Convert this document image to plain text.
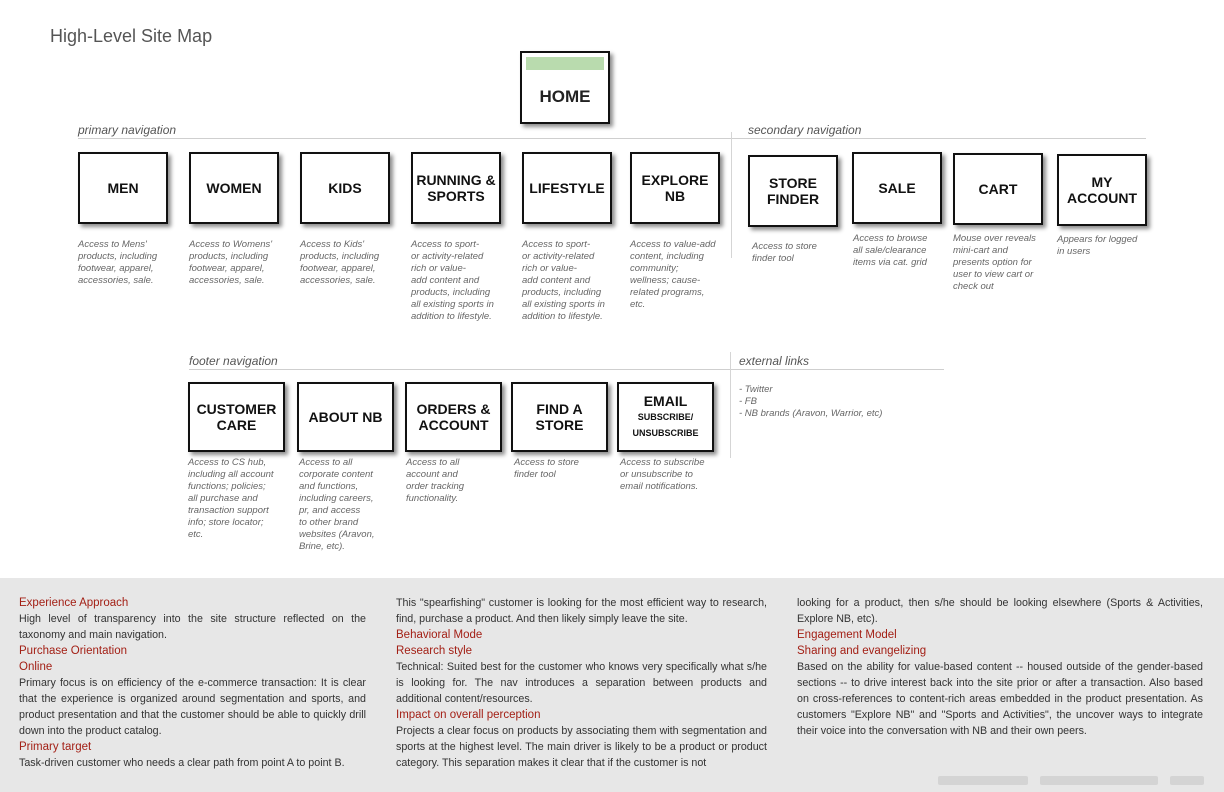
High-Level Site Map
HOME
primary navigation	secondary navigation
MEN	WOMEN	KIDS	RUNNING &
SPORTS	LIFESTYLE	EXPLORE
NB
Access to Mens'
products, including
footwear, apparel,
accessories, sale.
Access to Womens'
products, including
footwear, apparel,
accessories, sale.
Access to Kids'
products, including
footwear, apparel,
accessories, sale.
Access to sport-
or activity-related
rich or value-
add content and
products, including
all existing sports in
addition to lifestyle.
Access to sport-
or activity-related
rich or value-
add content and
products, including
all existing sports in
addition to lifestyle.
Access to value-add
content, including
community;
wellness; cause-
related programs,
etc.
STORE
FINDER
SALE	CART	MY
ACCOUNT
Access to store
finder tool
Access to browse
all sale/clearance
items via cat. grid
Mouse over reveals
mini-cart and
presents option for
user to view cart or
check out
Appears for logged
in users
footer navigation	external links
CUSTOMER
CARE	ABOUT NB	ORDERS &
ACCOUNT
FIND A
STORE
EMAIL
SUBSCRIBE/
UNSUBSCRIBE
Access to CS hub,
including all account
functions; policies;
all purchase and
transaction support
info; store locator;
etc.
Access to all
corporate content
and functions,
including careers,
pr, and access
to other brand
websites (Aravon,
Brine, etc).
Access to all
account and
order tracking
functionality.
Access to store
finder tool
Access to subscribe
or unsubscribe to
email notifications.
- Twitter
- FB
- NB brands (Aravon, Warrior, etc)
Experience Approach

High level of transparency into the site structure reflected on the taxonomy and main navigation.

Purchase Orientation
Online

Primary focus is on efficiency of the e-commerce transaction: It is clear that the experience is organized around segmentation and sports, and product presentation and that the customer should be able to quickly drill down into the product catalog.

Primary target

Task-driven customer who needs a clear path from point A to point B.

This "spearfishing" customer is looking for the most efficient way to research, find, purchase a product. And then likely simply leave the site.

Behavioral Mode
Research style

Technical: Suited best for the customer who knows very specifically what s/he is looking for. The nav introduces a separation between products and additional content/resources.

Impact on overall perception

Projects a clear focus on products by associating them with segmentation and sports at the highest level. The main driver is likely to be a product or product category. This separation makes it clear that if the customer is not

looking for a product, then s/he should be looking elsewhere (Sports & Activities, Explore NB, etc).

Engagement Model
Sharing and evangelizing

Based on the ability for value-based content -- housed outside of the gender-based sections -- to drive interest back into the site prior or after a transaction. Also based on cross-references to content-rich areas embedded in the product presentation. As customers "Explore NB" and "Sports and Activities", the uncover ways to integrate their voice into the conversation with NB and their own peers.
